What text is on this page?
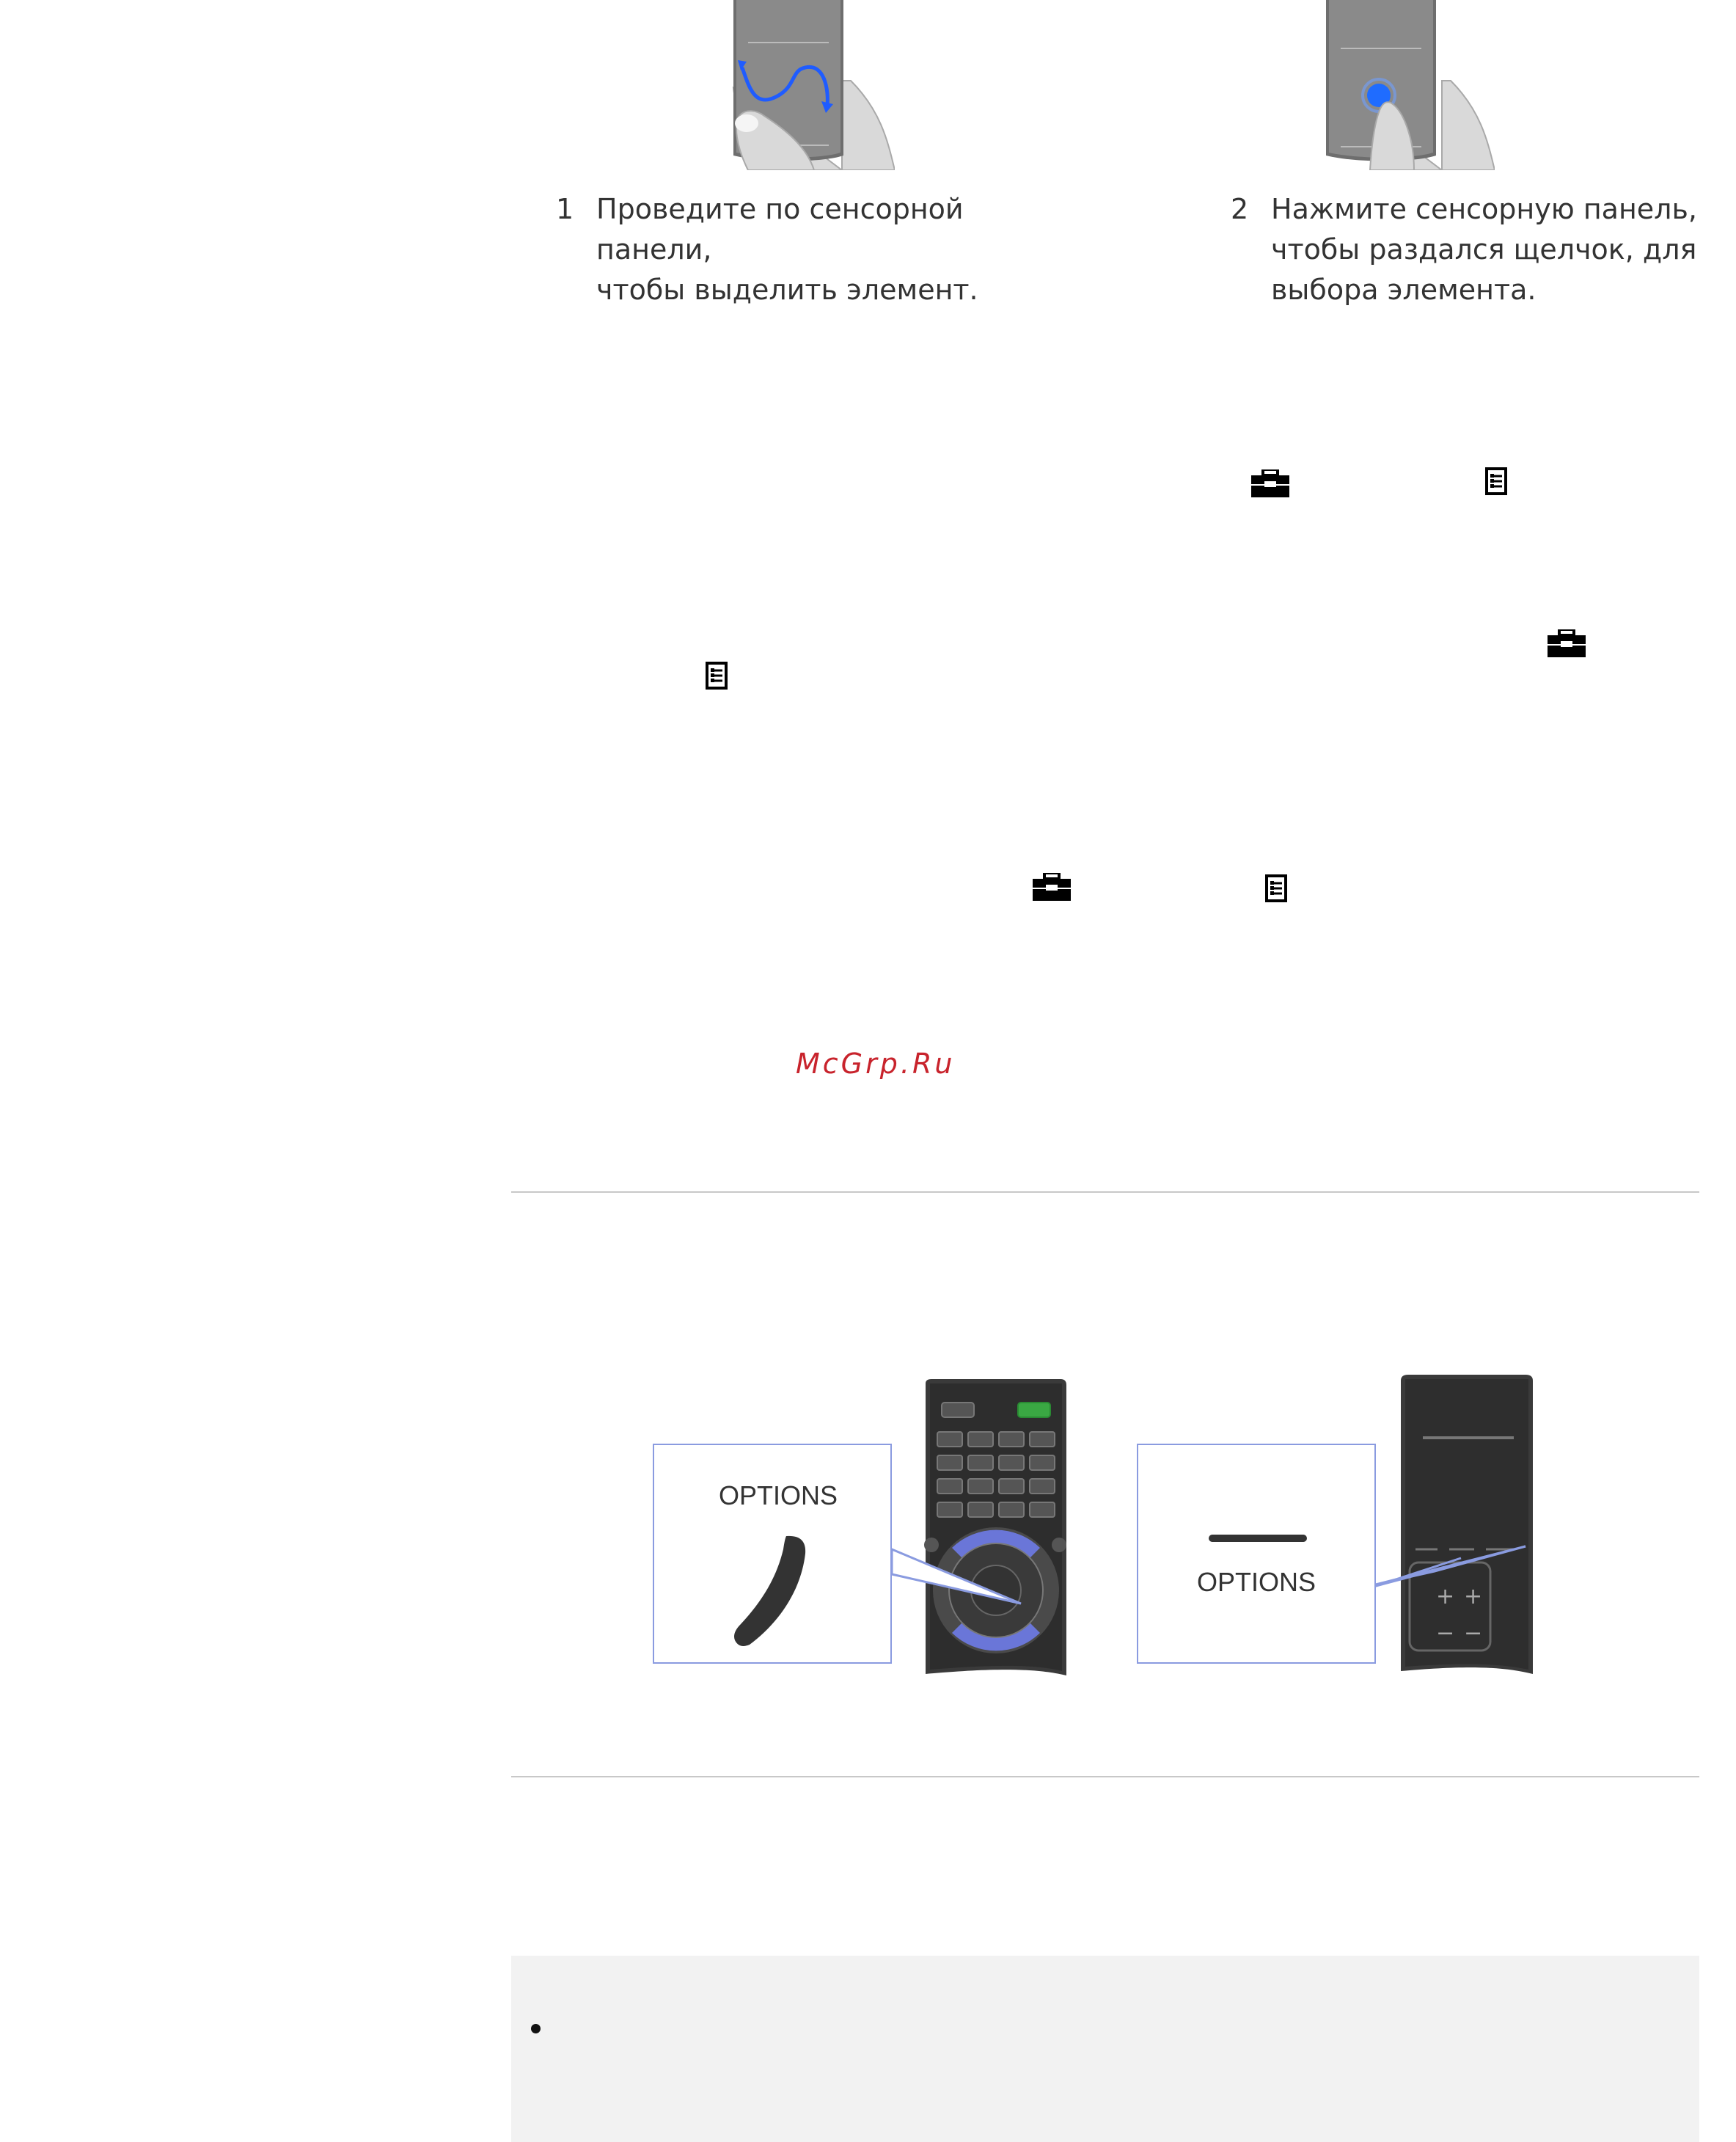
1 Проведите по сенсорной панели,
чтобы выделить элемент.
2 Нажмите сенсорную панель,
чтобы раздался щелчок, для
выбора элемента.
McGrp.Ru
OPTIONS
+ +
− −
OPTIONS
